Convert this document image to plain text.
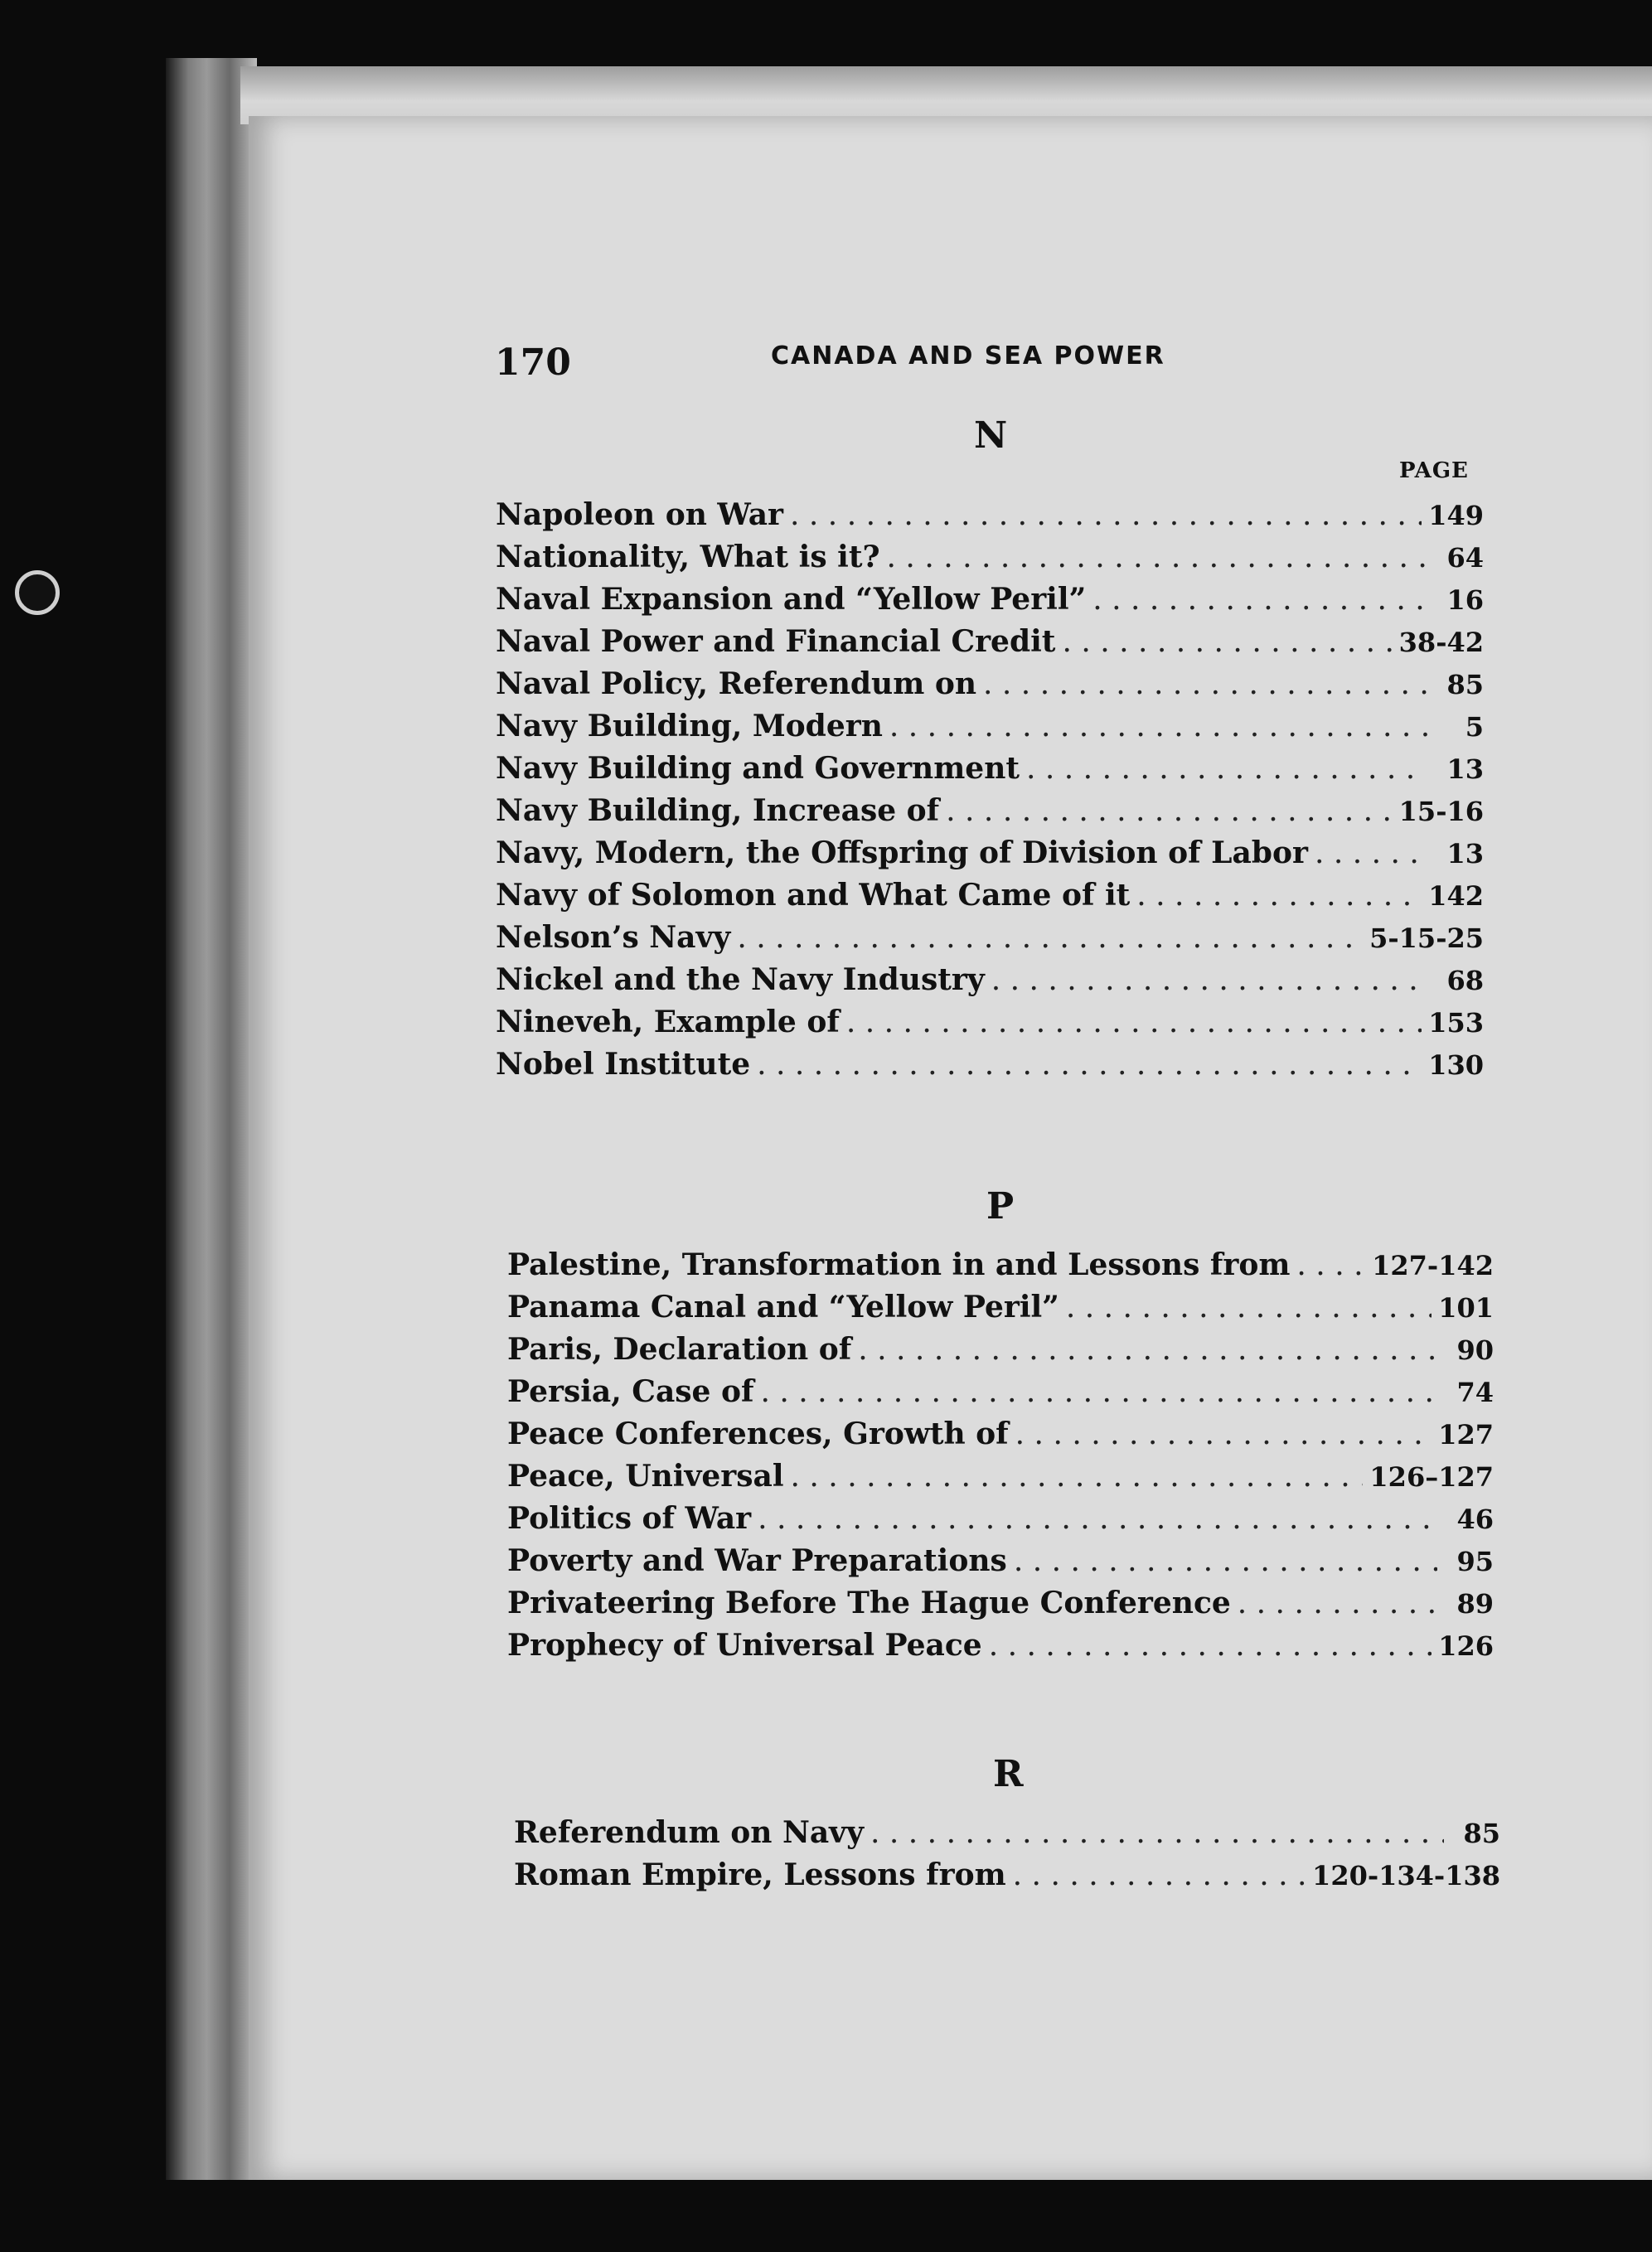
170	CANADA AND SEA POWER
N
PAGE
Napoleon on War . . .	149
Nationality, What is it? . . .	64
Naval Expansion and “Yellow Peril” . . .	16
Naval Power and Financial Credit . . .	38-42
Naval Policy, Referendum on . . .	85
Navy Building, Modern . . .	5
Navy Building and Government . . .	13
Navy Building, Increase of . . .	15-16
Navy, Modern, the Offspring of Division of Labor . . .	13
Navy of Solomon and What Came of it . . .	142
Nelson’s Navy . . .	5-15-25
Nickel and the Navy Industry . . .	68
Nineveh, Example of . . .	153
Nobel Institute . . .	130
P
Palestine, Transformation in and Lessons from . . .	127-142
Panama Canal and “Yellow Peril” . . .	101
Paris, Declaration of . . .	90
Persia, Case of . . .	74
Peace Conferences, Growth of . . .	127
Peace, Universal . . .	126–127
Politics of War . . .	46
Poverty and War Preparations . . .	95
Privateering Before The Hague Conference . . .	89
Prophecy of Universal Peace . . .	126
R
Referendum on Navy . . .	85
Roman Empire, Lessons from . . .	120-134-138
